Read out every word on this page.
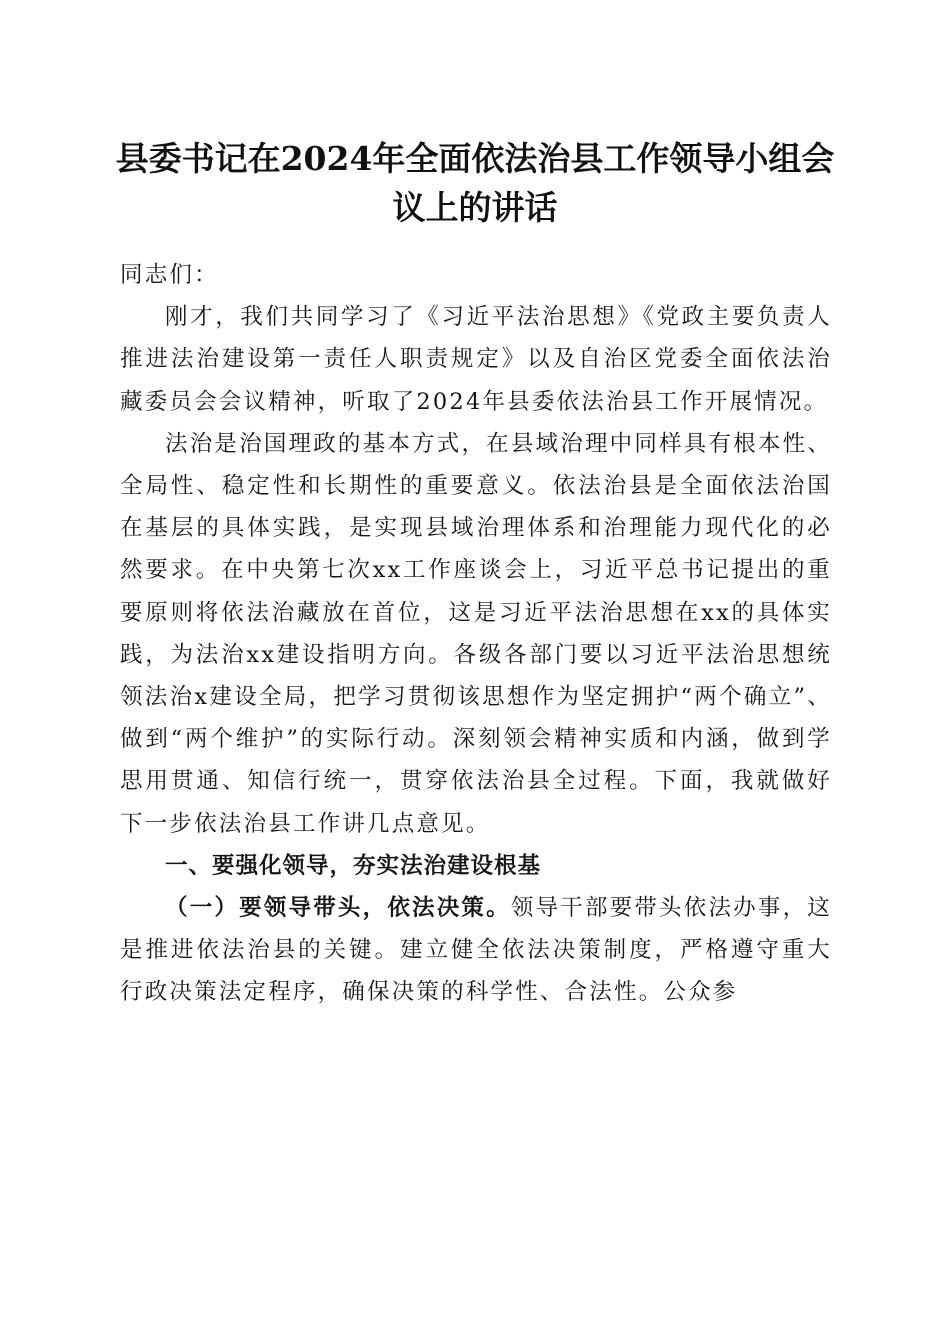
县委书记在2024年全面依法治县工作领导小组会议上的讲话

同志们：

刚才，我们共同学习了《习近平法治思想》《党政主要负责人推进法治建设第一责任人职责规定》以及自治区党委全面依法治藏委员会会议精神，听取了2024年县委依法治县工作开展情况。

法治是治国理政的基本方式，在县域治理中同样具有根本性、全局性、稳定性和长期性的重要意义。依法治县是全面依法治国在基层的具体实践，是实现县域治理体系和治理能力现代化的必然要求。在中央第七次xx工作座谈会上，习近平总书记提出的重要原则将依法治藏放在首位，这是习近平法治思想在xx的具体实践，为法治xx建设指明方向。各级各部门要以习近平法治思想统领法治x建设全局，把学习贯彻该思想作为坚定拥护“两个确立”、做到“两个维护”的实际行动。深刻领会精神实质和内涵，做到学思用贯通、知信行统一，贯穿依法治县全过程。下面，我就做好下一步依法治县工作讲几点意见。

一、要强化领导，夯实法治建设根基

（一）要领导带头，依法决策。领导干部要带头依法办事，这是推进依法治县的关键。建立健全依法决策制度，严格遵守重大行政决策法定程序，确保决策的科学性、合法性。公众参
